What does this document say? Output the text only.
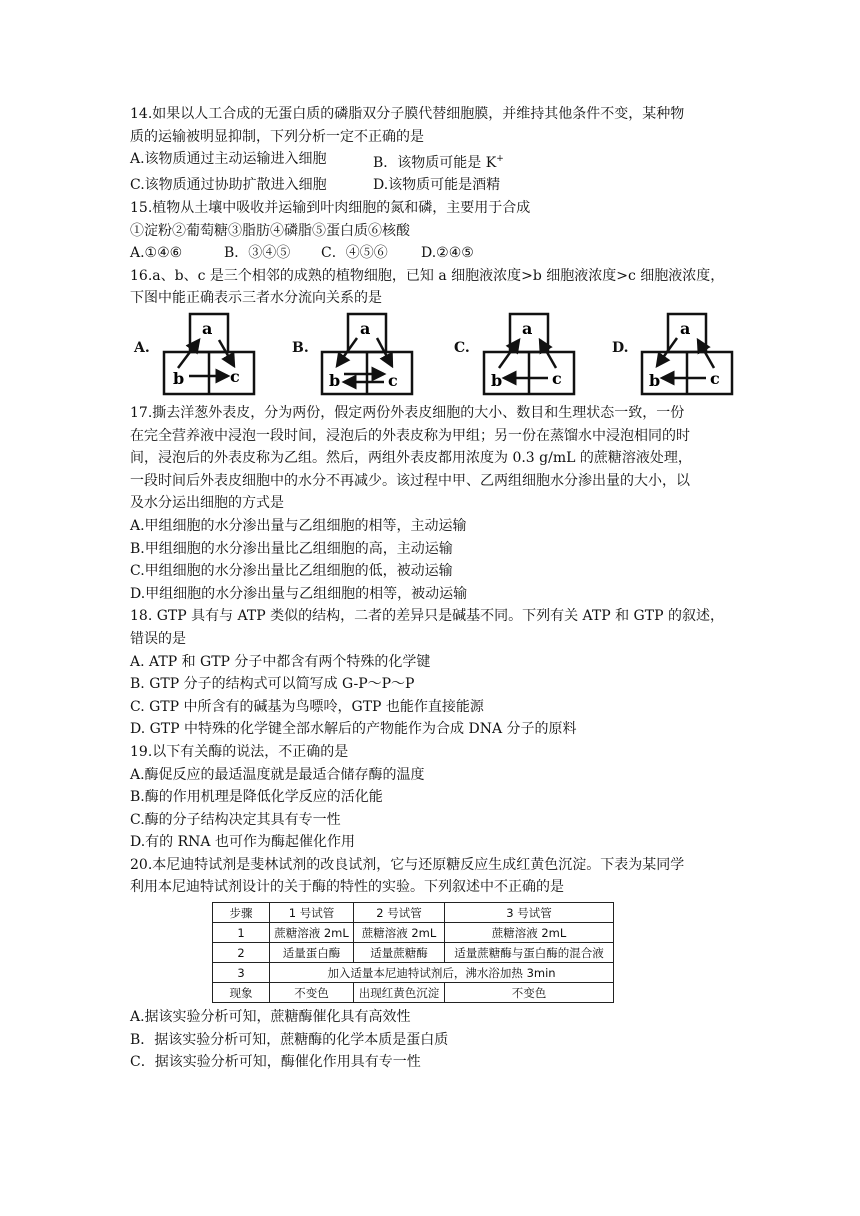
14.如果以人工合成的无蛋白质的磷脂双分子膜代替细胞膜，并维持其他条件不变，某种物
质的运输被明显抑制，下列分析一定不正确的是
A.该物质通过主动运输进入细胞	B．该物质可能是 K+
C.该物质通过协助扩散进入细胞	D.该物质可能是酒精
15.植物从土壤中吸收并运输到叶肉细胞的氮和磷，主要用于合成
①淀粉②葡萄糖③脂肪④磷脂⑤蛋白质⑥核酸
A.①④⑥	B．③④⑤	C．④⑤⑥	D.②④⑤
16.a、b、c 是三个相邻的成熟的植物细胞，已知 a 细胞液浓度>b 细胞液浓度>c 细胞液浓度，
下图中能正确表示三者水分流向关系的是
A.
a
b	c
B.
a
b	c
C.
a
b	c
D.
a
b	c
17.撕去洋葱外表皮，分为两份，假定两份外表皮细胞的大小、数目和生理状态一致，一份
在完全营养液中浸泡一段时间，浸泡后的外表皮称为甲组；另一份在蒸馏水中浸泡相同的时
间，浸泡后的外表皮称为乙组。然后，两组外表皮都用浓度为 0.3 g/mL 的蔗糖溶液处理，
一段时间后外表皮细胞中的水分不再减少。该过程中甲、乙两组细胞水分渗出量的大小，以
及水分运出细胞的方式是
A.甲组细胞的水分渗出量与乙组细胞的相等，主动运输
B.甲组细胞的水分渗出量比乙组细胞的高，主动运输
C.甲组细胞的水分渗出量比乙组细胞的低，被动运输
D.甲组细胞的水分渗出量与乙组细胞的相等，被动运输
18. GTP 具有与 ATP 类似的结构，二者的差异只是碱基不同。下列有关 ATP 和 GTP 的叙述，
错误的是
A. ATP 和 GTP 分子中都含有两个特殊的化学键
B. GTP 分子的结构式可以简写成 G-P～P～P
C. GTP 中所含有的碱基为鸟嘌呤，GTP 也能作直接能源
D. GTP 中特殊的化学键全部水解后的产物能作为合成 DNA 分子的原料
19.以下有关酶的说法，不正确的是
A.酶促反应的最适温度就是最适合储存酶的温度
B.酶的作用机理是降低化学反应的活化能
C.酶的分子结构决定其具有专一性
D.有的 RNA 也可作为酶起催化作用
20.本尼迪特试剂是斐林试剂的改良试剂，它与还原糖反应生成红黄色沉淀。下表为某同学
利用本尼迪特试剂设计的关于酶的特性的实验。下列叙述中不正确的是
步骤	1 号试管	2 号试管	3 号试管
1	蔗糖溶液 2mL	蔗糖溶液 2mL	蔗糖溶液 2mL
2	适量蛋白酶	适量蔗糖酶	适量蔗糖酶与蛋白酶的混合液
3	加入适量本尼迪特试剂后，沸水浴加热 3min		
现象	不变色	出现红黄色沉淀	不变色
A.据该实验分析可知，蔗糖酶催化具有高效性
B．据该实验分析可知，蔗糖酶的化学本质是蛋白质
C．据该实验分析可知，酶催化作用具有专一性
